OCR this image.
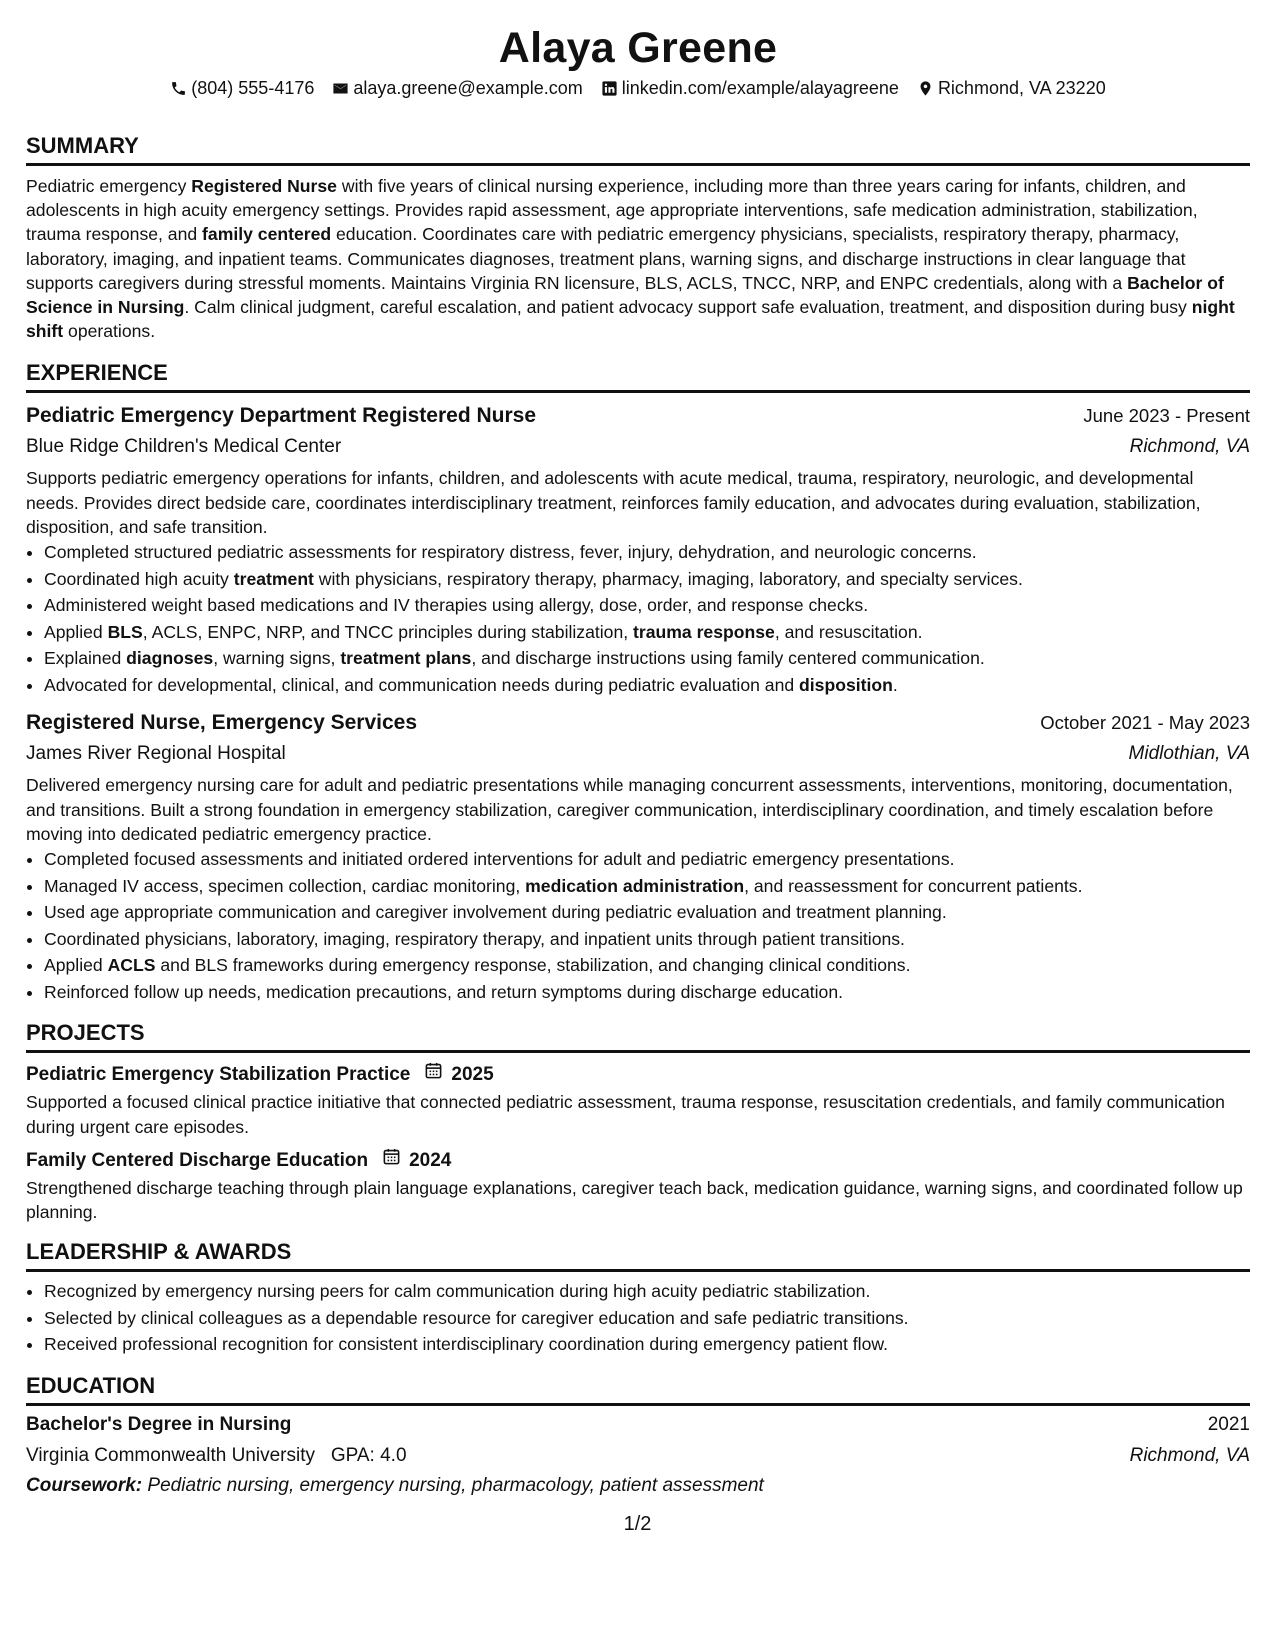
Alaya Greene
(804) 555-4176 alaya.greene@example.com linkedin.com/example/alayagreene Richmond, VA 23220
SUMMARY
Pediatric emergency Registered Nurse with five years of clinical nursing experience, including more than three years caring for infants, children, and adolescents in high acuity emergency settings. Provides rapid assessment, age appropriate interventions, safe medication administration, stabilization, trauma response, and family centered education. Coordinates care with pediatric emergency physicians, specialists, respiratory therapy, pharmacy, laboratory, imaging, and inpatient teams. Communicates diagnoses, treatment plans, warning signs, and discharge instructions in clear language that supports caregivers during stressful moments. Maintains Virginia RN licensure, BLS, ACLS, TNCC, NRP, and ENPC credentials, along with a Bachelor of Science in Nursing. Calm clinical judgment, careful escalation, and patient advocacy support safe evaluation, treatment, and disposition during busy night shift operations.
EXPERIENCE
Pediatric Emergency Department Registered Nurse	June 2023 - Present
Blue Ridge Children's Medical Center	Richmond, VA
Supports pediatric emergency operations for infants, children, and adolescents with acute medical, trauma, respiratory, neurologic, and developmental needs. Provides direct bedside care, coordinates interdisciplinary treatment, reinforces family education, and advocates during evaluation, stabilization, disposition, and safe transition.
• Completed structured pediatric assessments for respiratory distress, fever, injury, dehydration, and neurologic concerns.
• Coordinated high acuity treatment with physicians, respiratory therapy, pharmacy, imaging, laboratory, and specialty services.
• Administered weight based medications and IV therapies using allergy, dose, order, and response checks.
• Applied BLS, ACLS, ENPC, NRP, and TNCC principles during stabilization, trauma response, and resuscitation.
• Explained diagnoses, warning signs, treatment plans, and discharge instructions using family centered communication.
• Advocated for developmental, clinical, and communication needs during pediatric evaluation and disposition.
Registered Nurse, Emergency Services	October 2021 - May 2023
James River Regional Hospital	Midlothian, VA
Delivered emergency nursing care for adult and pediatric presentations while managing concurrent assessments, interventions, monitoring, documentation, and transitions. Built a strong foundation in emergency stabilization, caregiver communication, interdisciplinary coordination, and timely escalation before moving into dedicated pediatric emergency practice.
• Completed focused assessments and initiated ordered interventions for adult and pediatric emergency presentations.
• Managed IV access, specimen collection, cardiac monitoring, medication administration, and reassessment for concurrent patients.
• Used age appropriate communication and caregiver involvement during pediatric evaluation and treatment planning.
• Coordinated physicians, laboratory, imaging, respiratory therapy, and inpatient units through patient transitions.
• Applied ACLS and BLS frameworks during emergency response, stabilization, and changing clinical conditions.
• Reinforced follow up needs, medication precautions, and return symptoms during discharge education.
PROJECTS
Pediatric Emergency Stabilization Practice 2025
Supported a focused clinical practice initiative that connected pediatric assessment, trauma response, resuscitation credentials, and family communication during urgent care episodes.
Family Centered Discharge Education 2024
Strengthened discharge teaching through plain language explanations, caregiver teach back, medication guidance, warning signs, and coordinated follow up planning.
LEADERSHIP & AWARDS
• Recognized by emergency nursing peers for calm communication during high acuity pediatric stabilization.
• Selected by clinical colleagues as a dependable resource for caregiver education and safe pediatric transitions.
• Received professional recognition for consistent interdisciplinary coordination during emergency patient flow.
EDUCATION
Bachelor's Degree in Nursing	2021
Virginia Commonwealth University GPA: 4.0	Richmond, VA
Coursework: Pediatric nursing, emergency nursing, pharmacology, patient assessment
1/2
